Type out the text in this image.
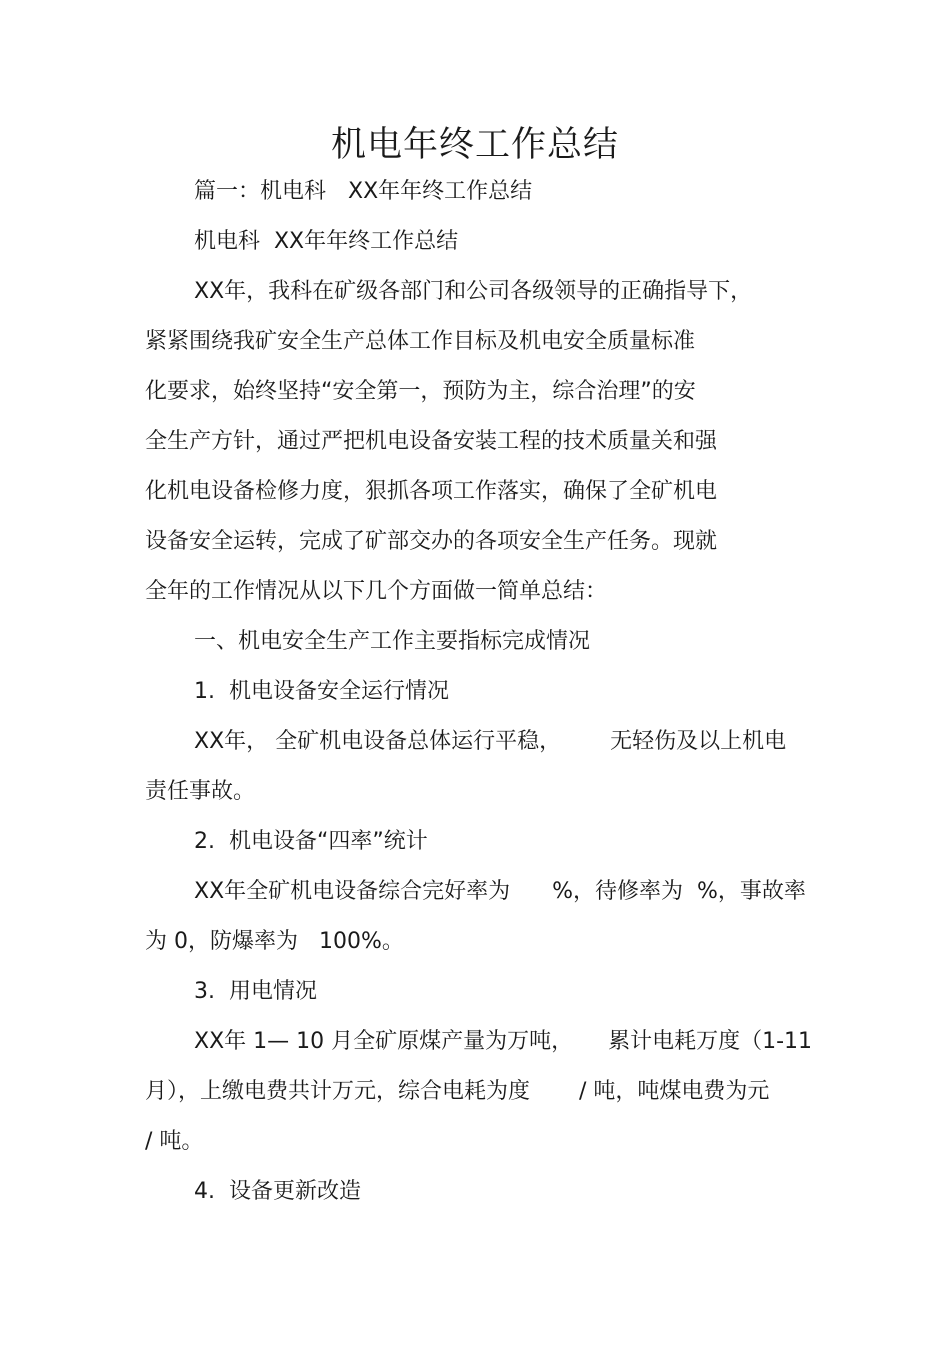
机电年终工作总结
篇一：机电科　XX年年终工作总结
机电科  XX年年终工作总结
XX年，我科在矿级各部门和公司各级领导的正确指导下，
紧紧围绕我矿安全生产总体工作目标及机电安全质量标准
化要求，始终坚持“安全第一，预防为主，综合治理”的安
全生产方针，通过严把机电设备安装工程的技术质量关和强
化机电设备检修力度，狠抓各项工作落实，确保了全矿机电
设备安全运转，完成了矿部交办的各项安全生产任务。现就
全年的工作情况从以下几个方面做一简单总结：
一、机电安全生产工作主要指标完成情况
1.  机电设备安全运行情况
XX年， 全矿机电设备总体运行平稳，       无轻伤及以上机电
责任事故。
2.  机电设备“四率”统计
XX年全矿机电设备综合完好率为      %，待修率为  %，事故率
为 0，防爆率为   100%。
3.  用电情况
XX年 1— 10 月全矿原煤产量为万吨，     累计电耗万度（1-11
月），上缴电费共计万元，综合电耗为度       / 吨，吨煤电费为元
/ 吨。
4.  设备更新改造
